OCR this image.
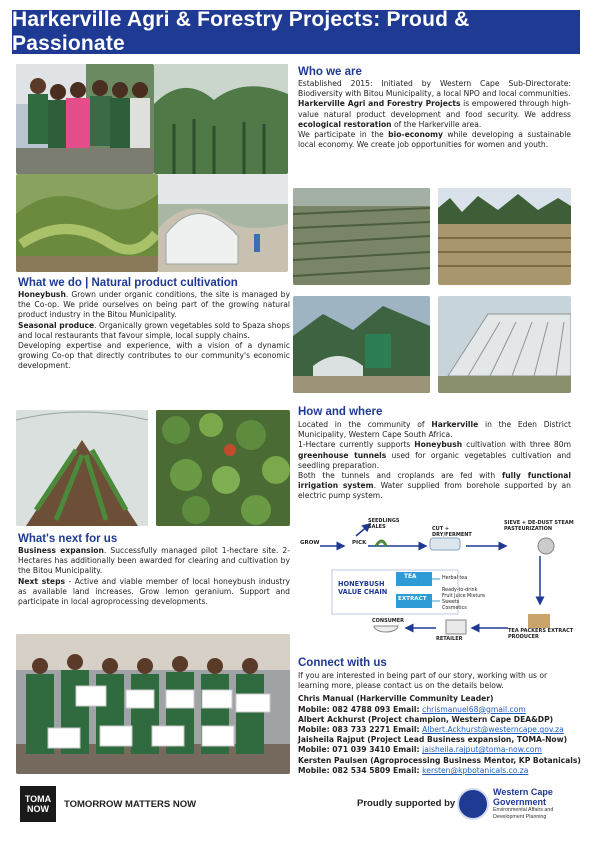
Harkerville Agri & Forestry Projects: Proud & Passionate
Who we are

Established 2015: Initiated by Western Cape Sub-Directorate: Biodiversity with Bitou Municipality, a local NPO and local communities.

Harkerville Agri and Forestry Projects is empowered through high-value natural product development and food security. We address ecological restoration of the Harkerville area.

We participate in the bio-economy while developing a sustainable local economy. We create job opportunities for women and youth.

What we do | Natural product cultivation

Honeybush. Grown under organic conditions, the site is managed by the Co-op. We pride ourselves on being part of the growing natural product industry in the Bitou Municipality.

Seasonal produce. Organically grown vegetables sold to Spaza shops and local restaurants that favour simple, local supply chains.

Developing expertise and experience, with a vision of a dynamic growing Co-op that directly contributes to our community's economic development.

How and where

Located in the community of Harkerville in the Eden District Municipality, Western Cape South Africa.

1-Hectare currently supports Honeybush cultivation with three 80m greenhouse tunnels used for organic vegetables cultivation and seedling preparation.

Both the tunnels and croplands are fed with fully functional irrigation system. Water supplied from borehole supported by an electric pump system.

What's next for us

Business expansion. Successfully managed pilot 1-hectare site. 2-Hectares has additionally been awarded for clearing and cultivation by the Bitou Municipality.

Next steps - Active and viable member of local honeybush industry as available land increases. Grow lemon geranium. Support and participate in local agroprocessing developments.

GROW
SEEDLINGS SALES
PICK
CUT + DRY/FERMENT
SIEVE + DE-DUST STEAM PASTEURIZATION
TEA PACKERS EXTRACT PRODUCER
RETAILER
CONSUMER
HONEYBUSH VALUE CHAIN
TEA
EXTRACT
Herbal tea
Ready-to-drink
Fruit Juice Mixture
Sweets
Cosmetics
Connect with us

If you are interested in being part of our story, working with us or learning more, please contact us on the details below.

Chris Manual (Harkerville Community Leader)
Mobile: 082 4788 093 Email: chrismanuel68@gmail.com
Albert Ackhurst (Project champion, Western Cape DEA&DP)
Mobile: 083 733 2271 Email: Albert.Ackhurst@westerncape.gov.za
Jaisheila Rajput (Project Lead Business expansion, TOMA-Now)
Mobile: 071 039 3410 Email: jaisheila.rajput@toma-now.com
Kersten Paulsen (Agroprocessing Business Mentor, KP Botanicals)
Mobile: 082 534 5809 Email: kersten@kpbotanicals.co.za
TOMA
NOW TOMORROW MATTERS NOW	Proudly supported by
Western Cape
Government
Environmental Affairs and
Development Planning
